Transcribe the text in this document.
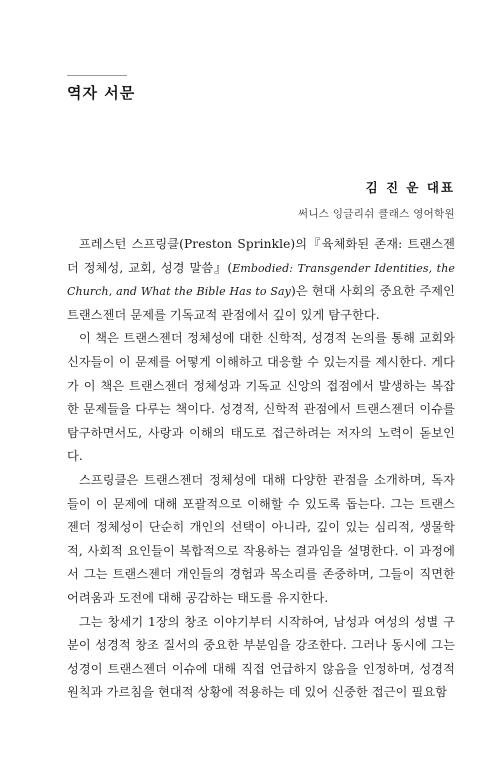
역자 서문

김 진 운 대표

써니스 잉글리쉬 클래스 영어학원

프레스턴 스프링클(Preston Sprinkle)의『육체화된 존재: 트랜스젠더 정체성, 교회, 성경 말씀』(Embodied: Transgender Identities, the Church, and What the Bible Has to Say)은 현대 사회의 중요한 주제인 트랜스젠더 문제를 기독교적 관점에서 깊이 있게 탐구한다.

이 책은 트랜스젠더 정체성에 대한 신학적, 성경적 논의를 통해 교회와 신자들이 이 문제를 어떻게 이해하고 대응할 수 있는지를 제시한다. 게다가 이 책은 트랜스젠더 정체성과 기독교 신앙의 접점에서 발생하는 복잡한 문제들을 다루는 책이다. 성경적, 신학적 관점에서 트랜스젠더 이슈를 탐구하면서도, 사랑과 이해의 태도로 접근하려는 저자의 노력이 돋보인다.

스프링클은 트랜스젠더 정체성에 대해 다양한 관점을 소개하며, 독자들이 이 문제에 대해 포괄적으로 이해할 수 있도록 돕는다. 그는 트랜스젠더 정체성이 단순히 개인의 선택이 아니라, 깊이 있는 심리적, 생물학적, 사회적 요인들이 복합적으로 작용하는 결과임을 설명한다. 이 과정에서 그는 트랜스젠더 개인들의 경험과 목소리를 존중하며, 그들이 직면한 어려움과 도전에 대해 공감하는 태도를 유지한다.

그는 창세기 1장의 창조 이야기부터 시작하여, 남성과 여성의 성별 구분이 성경적 창조 질서의 중요한 부분임을 강조한다. 그러나 동시에 그는 성경이 트랜스젠더 이슈에 대해 직접 언급하지 않음을 인정하며, 성경적 원칙과 가르침을 현대적 상황에 적용하는 데 있어 신중한 접근이 필요함
